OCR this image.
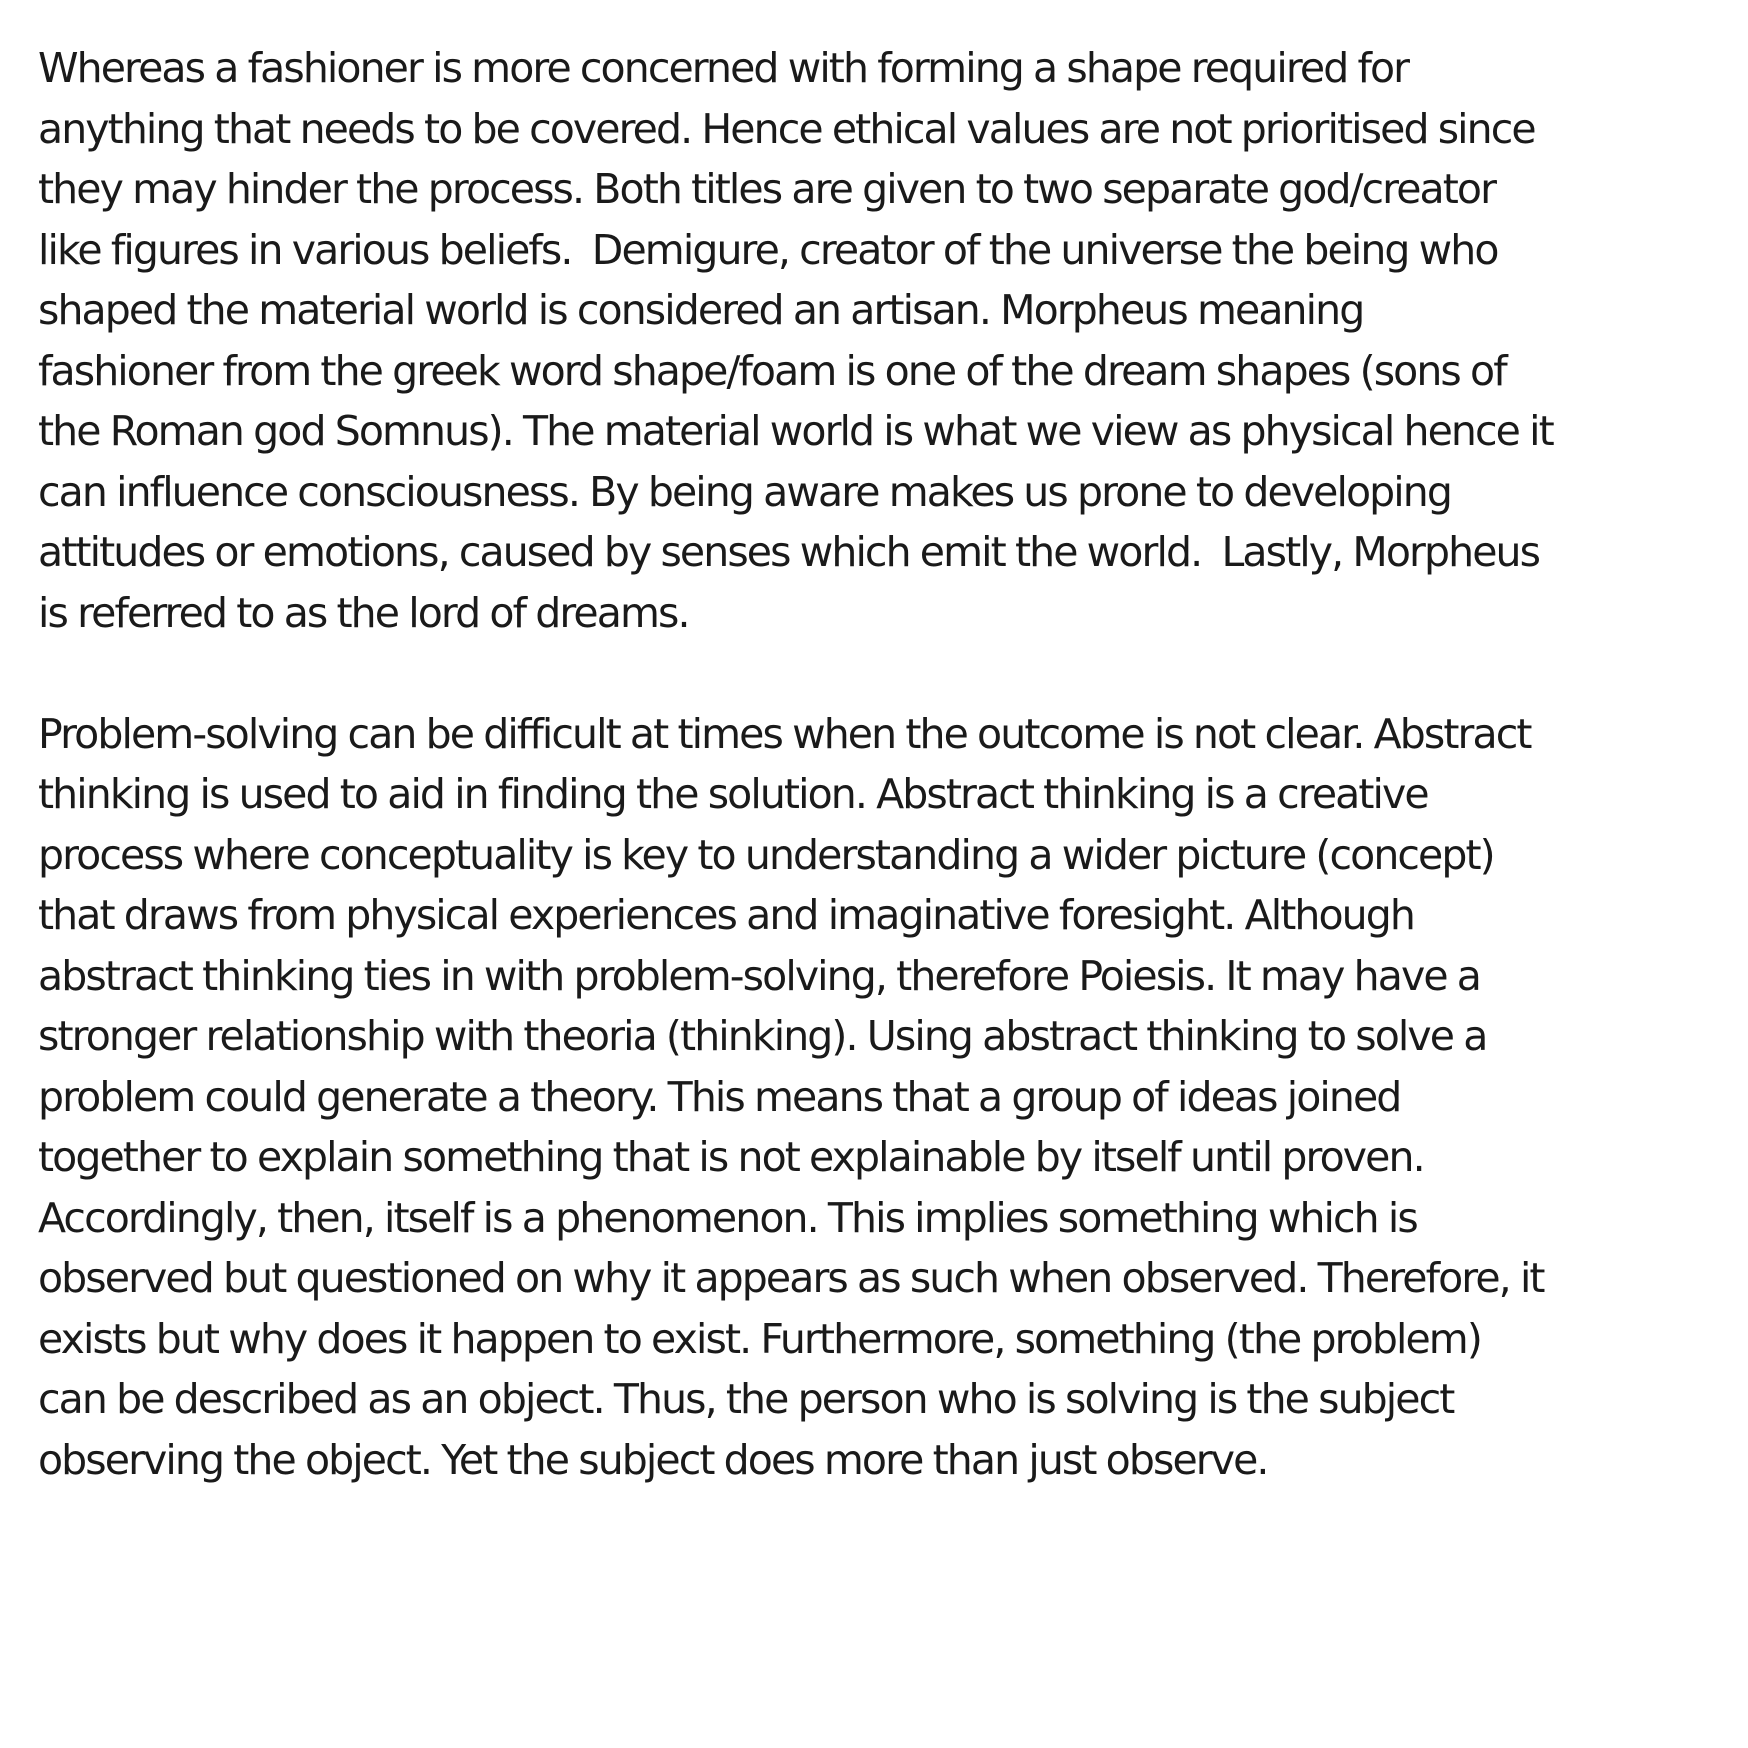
Whereas a fashioner is more concerned with forming a shape required for
anything that needs to be covered. Hence ethical values are not prioritised since
they may hinder the process. Both titles are given to two separate god/creator
like figures in various beliefs.  Demigure, creator of the universe the being who
shaped the material world is considered an artisan. Morpheus meaning
fashioner from the greek word shape/foam is one of the dream shapes (sons of
the Roman god Somnus). The material world is what we view as physical hence it
can influence consciousness. By being aware makes us prone to developing
attitudes or emotions, caused by senses which emit the world.  Lastly, Morpheus
is referred to as the lord of dreams.
Problem-solving can be difficult at times when the outcome is not clear. Abstract
thinking is used to aid in finding the solution. Abstract thinking is a creative
process where conceptuality is key to understanding a wider picture (concept)
that draws from physical experiences and imaginative foresight. Although
abstract thinking ties in with problem-solving, therefore Poiesis. It may have a
stronger relationship with theoria (thinking). Using abstract thinking to solve a
problem could generate a theory. This means that a group of ideas joined
together to explain something that is not explainable by itself until proven.
Accordingly, then, itself is a phenomenon. This implies something which is
observed but questioned on why it appears as such when observed. Therefore, it
exists but why does it happen to exist. Furthermore, something (the problem)
can be described as an object. Thus, the person who is solving is the subject
observing the object. Yet the subject does more than just observe.
